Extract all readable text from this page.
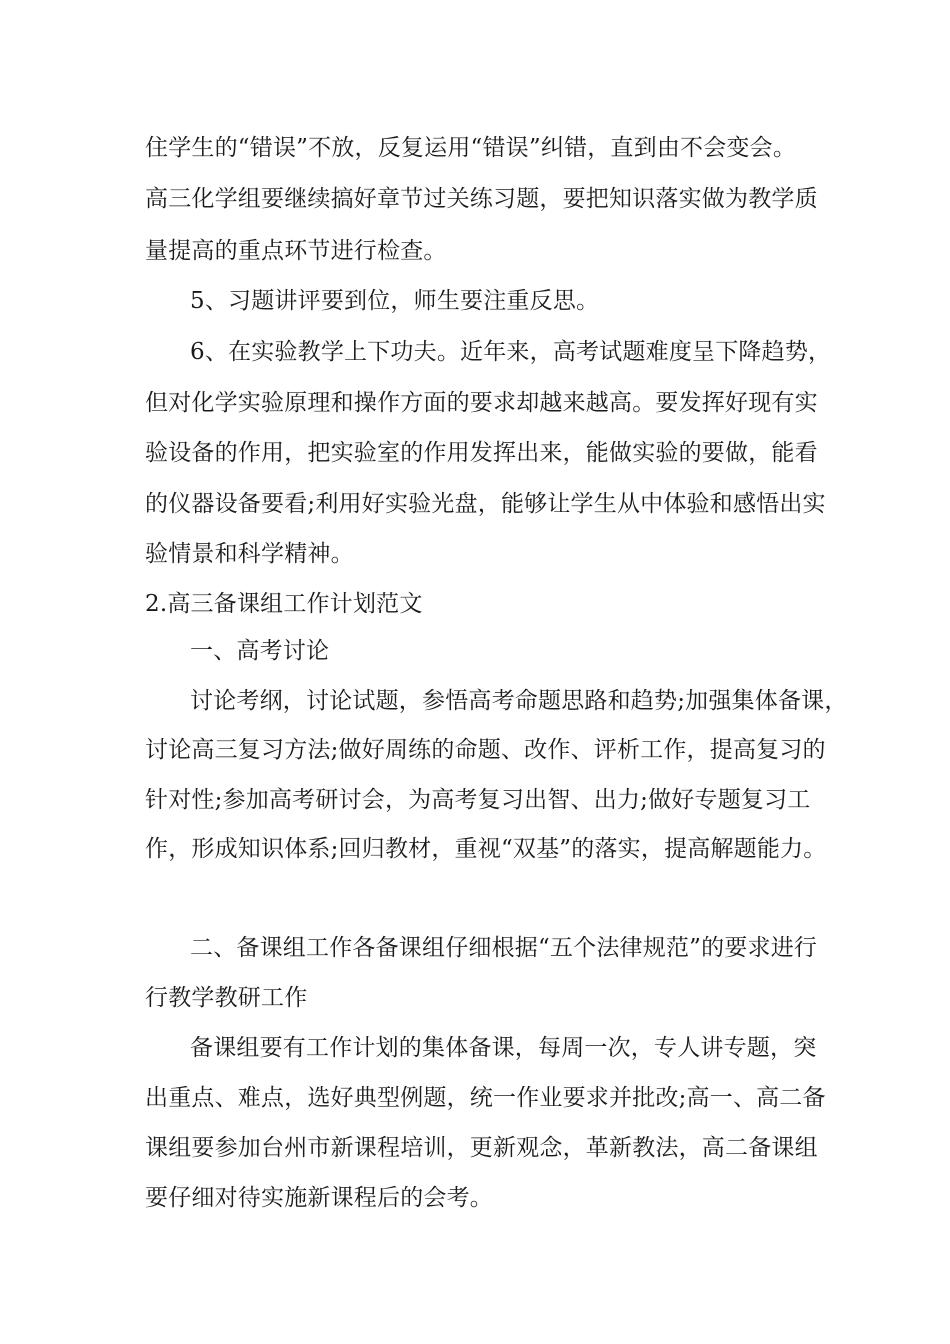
住学生的“错误”不放，反复运用“错误”纠错，直到由不会变会。
高三化学组要继续搞好章节过关练习题，要把知识落实做为教学质
量提高的重点环节进行检查。
5、习题讲评要到位，师生要注重反思。
6、在实验教学上下功夫。近年来，高考试题难度呈下降趋势，
但对化学实验原理和操作方面的要求却越来越高。要发挥好现有实
验设备的作用，把实验室的作用发挥出来，能做实验的要做，能看
的仪器设备要看;利用好实验光盘，能够让学生从中体验和感悟出实
验情景和科学精神。
2.高三备课组工作计划范文
一、高考讨论
讨论考纲，讨论试题，参悟高考命题思路和趋势;加强集体备课，
讨论高三复习方法;做好周练的命题、改作、评析工作，提高复习的
针对性;参加高考研讨会，为高考复习出智、出力;做好专题复习工
作，形成知识体系;回归教材，重视“双基”的落实，提高解题能力。
二、备课组工作各备课组仔细根据“五个法律规范”的要求进行
行教学教研工作
备课组要有工作计划的集体备课，每周一次，专人讲专题，突
出重点、难点，选好典型例题，统一作业要求并批改;高一、高二备
课组要参加台州市新课程培训，更新观念，革新教法，高二备课组
要仔细对待实施新课程后的会考。
